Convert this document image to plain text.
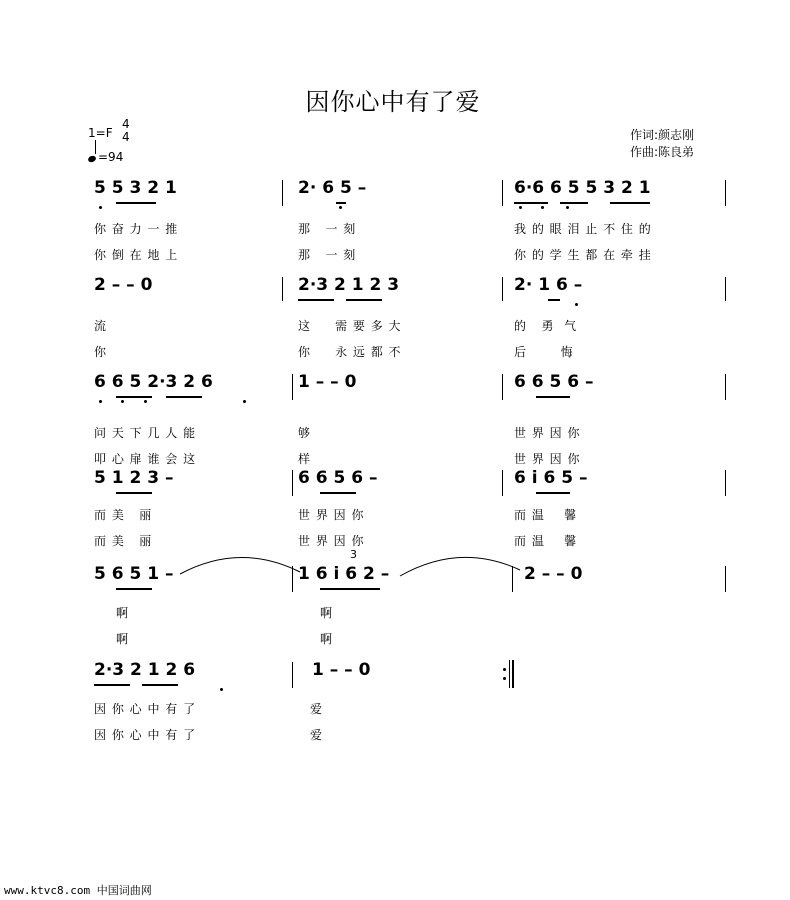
因你心中有了爱
1=F
4
4
=94
作词:颜志刚
作曲:陈良弟
5 5 3 2 1	2· 6 5 –	6·6 6 5 5 3 2 1
你 奋 力 一 推	那   一 刻	我 的 眼 泪 止 不 住 的
你 倒 在 地 上	那   一 刻	你 的 学 生 都 在 牵 挂
2 – – 0	2·3 2 1 2 3	2· 1 6 –
流	这     需 要 多 大	的   勇  气
你	你     永 远 都 不	后       悔
6 6 5 2·3 2 6	1 – – 0	6 6 5 6 –
问 天 下 几 人 能	够	世 界 因 你
叩 心 扉 谁 会 这	样	世 界 因 你
5 1 2 3 –	6 6 5 6 –	6 i 6 5 –
而 美   丽	世 界 因 你	而 温    馨
而 美   丽	世 界 因 你	而 温    馨
3
5 6 5 1 –	1 6 i 6 2 –	2 – – 0
啊	啊
啊	啊
2·3 2 1 2 6	1 – – 0
因 你 心 中 有 了	爱
因 你 心 中 有 了	爱
www.ktvc8.com 中国词曲网
